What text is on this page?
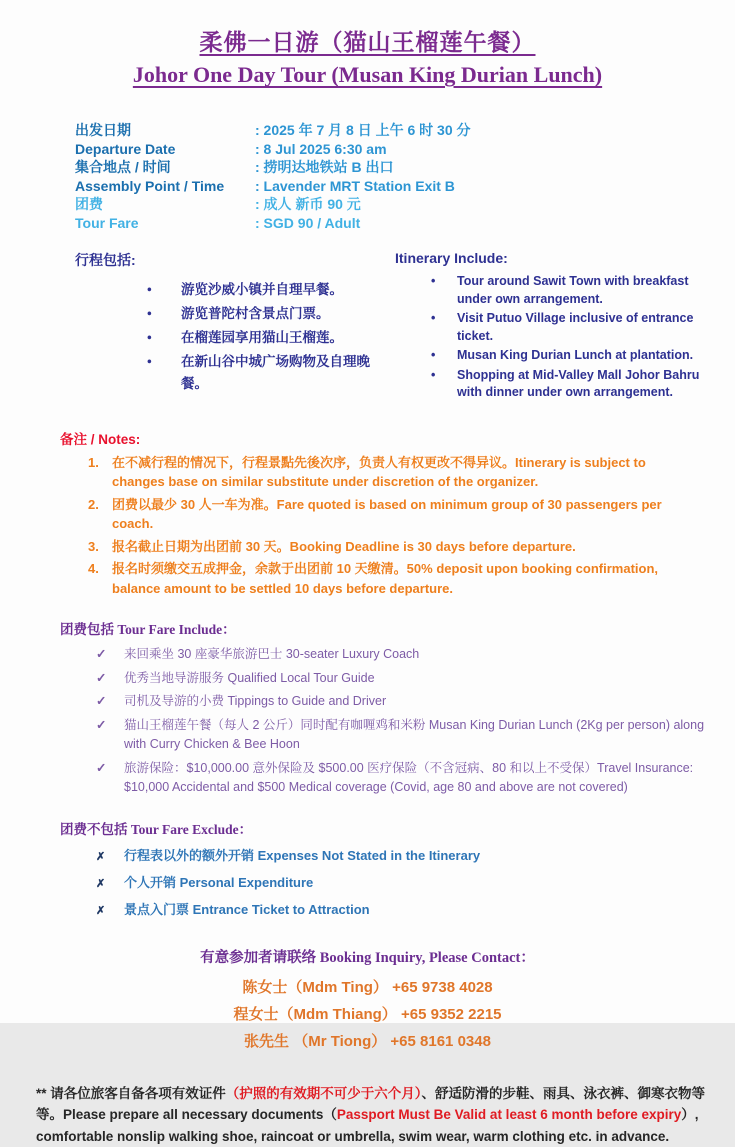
柔佛一日游（猫山王榴莲午餐）
Johor One Day Tour (Musan King Durian Lunch)
出发日期	: 2025 年 7 月 8 日 上午 6 时 30 分
Departure Date	: 8 Jul 2025 6:30 am
集合地点 / 时间	: 捞明达地铁站 B 出口
Assembly Point / Time	: Lavender MRT Station Exit B
团费	: 成人 新币 90 元
Tour Fare	: SGD 90 / Adult
行程包括:
•	游览沙威小镇并自理早餐。
•	游览普陀村含景点门票。
•	在榴莲园享用猫山王榴莲。
•	在新山谷中城广场购物及自理晚餐。
Itinerary Include:
•	Tour around Sawit Town with breakfast under own arrangement.
•	Visit Putuo Village inclusive of entrance ticket.
•	Musan King Durian Lunch at plantation.
•	Shopping at Mid-Valley Mall Johor Bahru with dinner under own arrangement.
备注 / Notes:
在不减行程的情况下，行程景點先後次序，负责人有权更改不得异议。Itinerary is subject to changes base on similar substitute under discretion of the organizer.
团费以最少 30 人一车为准。Fare quoted is based on minimum group of 30 passengers per coach.
报名截止日期为出团前 30 天。Booking Deadline is 30 days before departure.
报名时须缴交五成押金，余款于出团前 10 天缴清。50% deposit upon booking confirmation, balance amount to be settled 10 days before departure.
团费包括 Tour Fare Include：
✓	来回乘坐 30 座豪华旅游巴士 30-seater Luxury Coach
✓	优秀当地导游服务 Qualified Local Tour Guide
✓	司机及导游的小费 Tippings to Guide and Driver
✓	猫山王榴莲午餐（每人 2 公斤）同时配有咖喱鸡和米粉 Musan King Durian Lunch (2Kg per person) along with Curry Chicken & Bee Hoon
✓	旅游保险：$10,000.00 意外保险及 $500.00 医疗保险（不含冠病、80 和以上不受保）Travel Insurance: $10,000 Accidental and $500 Medical coverage (Covid, age 80 and above are not covered)
团费不包括 Tour Fare Exclude：
✗	行程表以外的额外开销 Expenses Not Stated in the Itinerary
✗	个人开销 Personal Expenditure
✗	景点入门票 Entrance Ticket to Attraction
有意参加者请联络 Booking Inquiry, Please Contact：
陈女士（Mdm Ting） +65 9738 4028
程女士（Mdm Thiang） +65 9352 2215
张先生 （Mr Tiong） +65 8161 0348
** 请各位旅客自备各项有效证件（护照的有效期不可少于六个月）、舒适防滑的步鞋、雨具、泳衣裤、御寒衣物等等。Please prepare all necessary documents（Passport Must Be Valid at least 6 month before expiry）, comfortable nonslip walking shoe, raincoat or umbrella, swim wear, warm clothing etc. in advance.
